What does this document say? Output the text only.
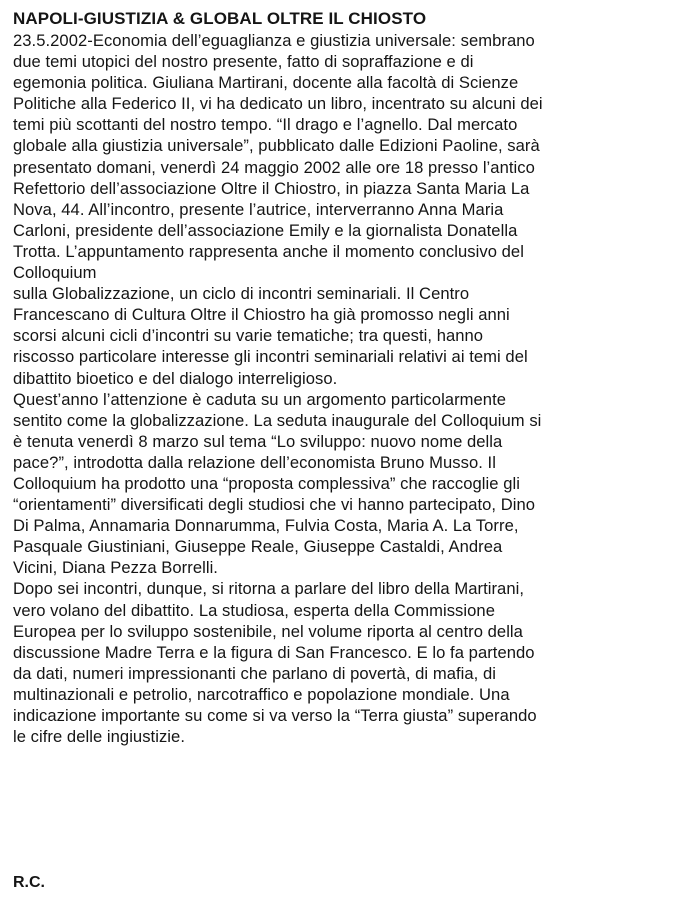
NAPOLI-GIUSTIZIA & GLOBAL OLTRE IL CHIOSTO
23.5.2002-Economia dell’eguaglianza e giustizia universale: sembrano
due temi utopici del nostro presente, fatto di sopraffazione e di
egemonia politica. Giuliana Martirani, docente alla facoltà di Scienze
Politiche alla Federico II, vi ha dedicato un libro, incentrato su alcuni dei
temi più scottanti del nostro tempo. “Il drago e l’agnello. Dal mercato
globale alla giustizia universale”, pubblicato dalle Edizioni Paoline, sarà
presentato domani, venerdì 24 maggio 2002 alle ore 18 presso l’antico
Refettorio dell’associazione Oltre il Chiostro, in piazza Santa Maria La
Nova, 44. All’incontro, presente l’autrice, interverranno Anna Maria
Carloni, presidente dell’associazione Emily e la giornalista Donatella
Trotta. L’appuntamento rappresenta anche il momento conclusivo del
Colloquium
sulla Globalizzazione, un ciclo di incontri seminariali. Il Centro
Francescano di Cultura Oltre il Chiostro ha già promosso negli anni
scorsi alcuni cicli d’incontri su varie tematiche; tra questi, hanno
riscosso particolare interesse gli incontri seminariali relativi ai temi del
dibattito bioetico e del dialogo interreligioso.
Quest’anno l’attenzione è caduta su un argomento particolarmente
sentito come la globalizzazione. La seduta inaugurale del Colloquium si
è tenuta venerdì 8 marzo sul tema “Lo sviluppo: nuovo nome della
pace?”, introdotta dalla relazione dell’economista Bruno Musso. Il
Colloquium ha prodotto una “proposta complessiva” che raccoglie gli
“orientamenti” diversificati degli studiosi che vi hanno partecipato, Dino
Di Palma, Annamaria Donnarumma, Fulvia Costa, Maria A. La Torre,
Pasquale Giustiniani, Giuseppe Reale, Giuseppe Castaldi, Andrea
Vicini, Diana Pezza Borrelli.
Dopo sei incontri, dunque, si ritorna a parlare del libro della Martirani,
vero volano del dibattito. La studiosa, esperta della Commissione
Europea per lo sviluppo sostenibile, nel volume riporta al centro della
discussione Madre Terra e la figura di San Francesco. E lo fa partendo
da dati, numeri impressionanti che parlano di povertà, di mafia, di
multinazionali e petrolio, narcotraffico e popolazione mondiale. Una
indicazione importante su come si va verso la “Terra giusta” superando
le cifre delle ingiustizie.
R.C.
